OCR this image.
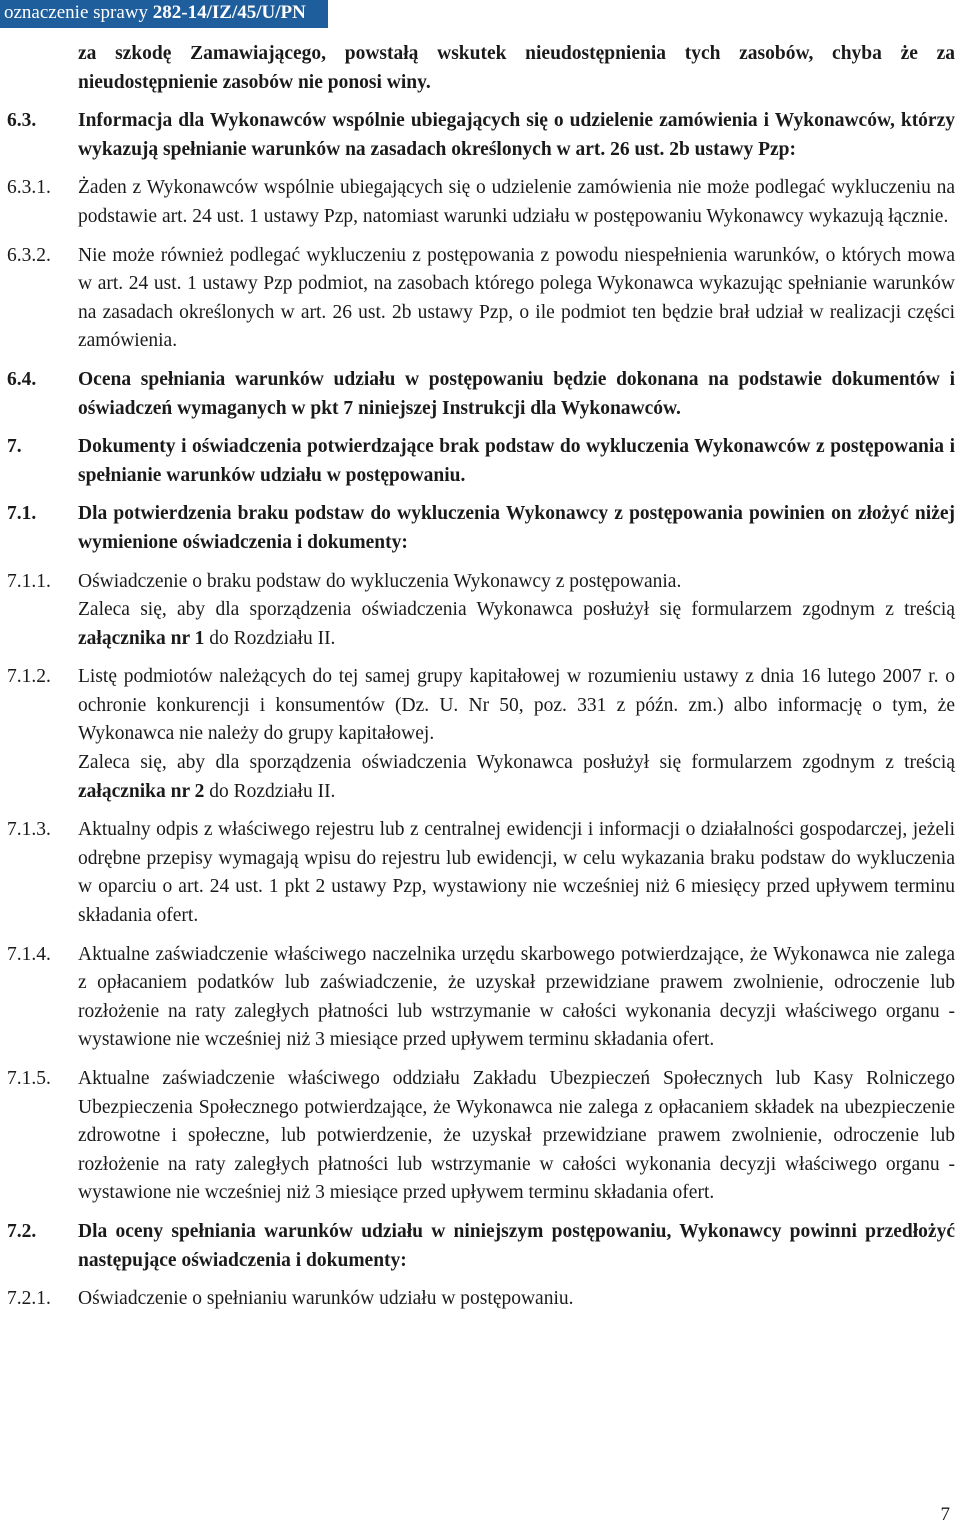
oznaczenie sprawy 282-14/IZ/45/U/PN

za szkodę Zamawiającego, powstałą wskutek nieudostępnienia tych zasobów, chyba że za nieudostępnienie zasobów nie ponosi winy.

6.3.	Informacja dla Wykonawców wspólnie ubiegających się o udzielenie zamówienia i Wykonawców, którzy wykazują spełnianie warunków na zasadach określonych w art. 26 ust. 2b ustawy Pzp:

6.3.1.	Żaden z Wykonawców wspólnie ubiegających się o udzielenie zamówienia nie może podlegać wykluczeniu na podstawie art. 24 ust. 1 ustawy Pzp, natomiast warunki udziału w postępowaniu Wykonawcy wykazują łącznie.

6.3.2.	Nie może również podlegać wykluczeniu z postępowania z powodu niespełnienia warunków, o których mowa w art. 24 ust. 1 ustawy Pzp podmiot, na zasobach którego polega Wykonawca wykazując spełnianie warunków na zasadach określonych w art. 26 ust. 2b ustawy Pzp, o ile podmiot ten będzie brał udział w realizacji części zamówienia.

6.4.	Ocena spełniania warunków udziału w postępowaniu będzie dokonana na podstawie dokumentów i oświadczeń wymaganych w pkt 7 niniejszej Instrukcji dla Wykonawców.

7.	Dokumenty i oświadczenia potwierdzające brak podstaw do wykluczenia Wykonawców z postępowania i spełnianie warunków udziału w postępowaniu.

7.1.	Dla potwierdzenia braku podstaw do wykluczenia Wykonawcy z postępowania powinien on złożyć niżej wymienione oświadczenia i dokumenty:

7.1.1.	Oświadczenie o braku podstaw do wykluczenia Wykonawcy z postępowania.

Zaleca się, aby dla sporządzenia oświadczenia Wykonawca posłużył się formularzem zgodnym z treścią załącznika nr 1 do Rozdziału II.

7.1.2.	Listę podmiotów należących do tej samej grupy kapitałowej w rozumieniu ustawy z dnia 16 lutego 2007 r. o ochronie konkurencji i konsumentów (Dz. U. Nr 50, poz. 331 z późn. zm.) albo informację o tym, że Wykonawca nie należy do grupy kapitałowej.

Zaleca się, aby dla sporządzenia oświadczenia Wykonawca posłużył się formularzem zgodnym z treścią załącznika nr 2 do Rozdziału II.

7.1.3.	Aktualny odpis z właściwego rejestru lub z centralnej ewidencji i informacji o działalności gospodarczej, jeżeli odrębne przepisy wymagają wpisu do rejestru lub ewidencji, w celu wykazania braku podstaw do wykluczenia w oparciu o art. 24 ust. 1 pkt 2 ustawy Pzp, wystawiony nie wcześniej niż 6 miesięcy przed upływem terminu składania ofert.

7.1.4.	Aktualne zaświadczenie właściwego naczelnika urzędu skarbowego potwierdzające, że Wykonawca nie zalega z opłacaniem podatków lub zaświadczenie, że uzyskał przewidziane prawem zwolnienie, odroczenie lub rozłożenie na raty zaległych płatności lub wstrzymanie w całości wykonania decyzji właściwego organu - wystawione nie wcześniej niż 3 miesiące przed upływem terminu składania ofert.

7.1.5.	Aktualne zaświadczenie właściwego oddziału Zakładu Ubezpieczeń Społecznych lub Kasy Rolniczego Ubezpieczenia Społecznego potwierdzające, że Wykonawca nie zalega z opłacaniem składek na ubezpieczenie zdrowotne i społeczne, lub potwierdzenie, że uzyskał przewidziane prawem zwolnienie, odroczenie lub rozłożenie na raty zaległych płatności lub wstrzymanie w całości wykonania decyzji właściwego organu - wystawione nie wcześniej niż 3 miesiące przed upływem terminu składania ofert.

7.2.	Dla oceny spełniania warunków udziału w niniejszym postępowaniu, Wykonawcy powinni przedłożyć następujące oświadczenia i dokumenty:

7.2.1.	Oświadczenie o spełnianiu warunków udziału w postępowaniu.

7
